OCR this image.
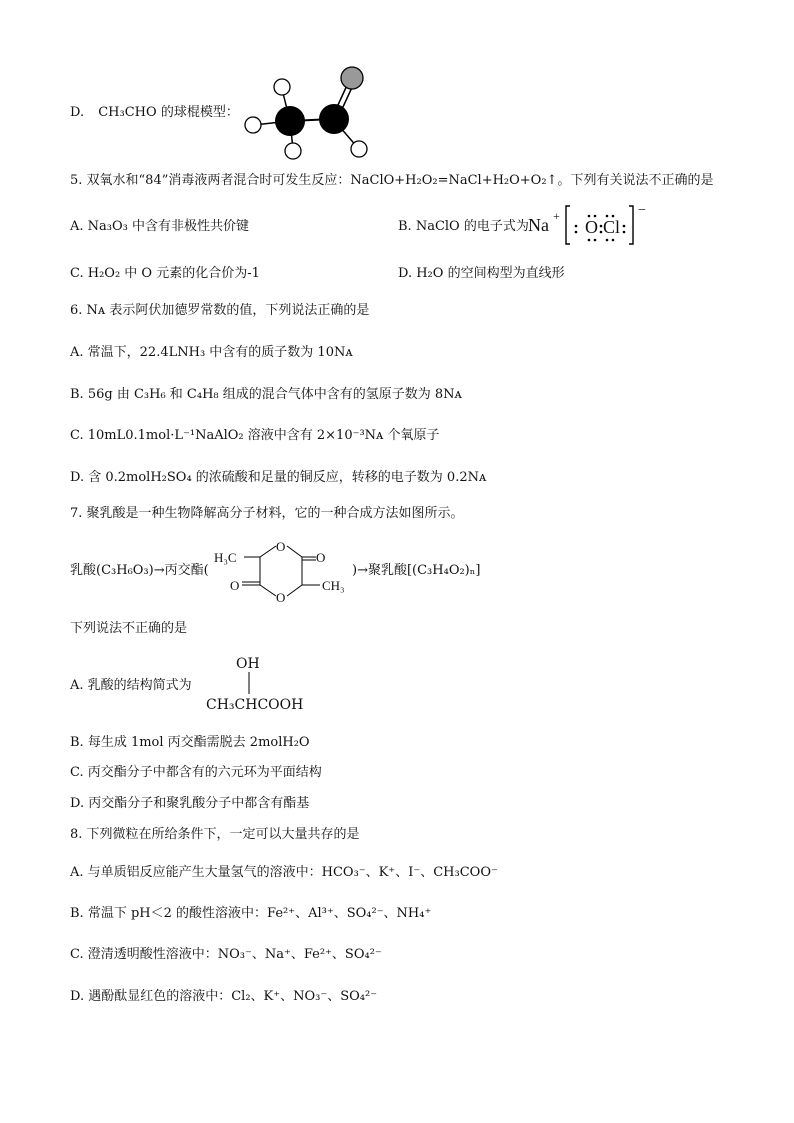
D. CH₃CHO 的球棍模型：
5. 双氧水和“84”消毒液两者混合时可发生反应：NaClO+H₂O₂=NaCl+H₂O+O₂↑。下列有关说法不正确的是
A. Na₃O₃ 中含有非极性共价键	B. NaClO 的电子式为 Na +
O Cl
−
C. H₂O₂ 中 O 元素的化合价为-1	D. H₂O 的空间构型为直线形
6. Nᴀ 表示阿伏加德罗常数的值，下列说法正确的是
A. 常温下，22.4LNH₃ 中含有的质子数为 10Nᴀ
B. 56g 由 C₃H₆ 和 C₄H₈ 组成的混合气体中含有的氢原子数为 8Nᴀ
C. 10mL0.1mol·L⁻¹NaAlO₂ 溶液中含有 2×10⁻³Nᴀ 个氧原子
D. 含 0.2molH₂SO₄ 的浓硫酸和足量的铜反应，转移的电子数为 0.2Nᴀ
7. 聚乳酸是一种生物降解高分子材料，它的一种合成方法如图所示。
乳酸(C₃H₆O₃)→丙交酯(
H₃C
CH₃
O
O
O
O
)→聚乳酸[(C₃H₄O₂)ₙ]
下列说法不正确的是
A. 乳酸的结构简式为
OH
CH₃CHCOOH
B. 每生成 1mol 丙交酯需脱去 2molH₂O
C. 丙交酯分子中都含有的六元环为平面结构
D. 丙交酯分子和聚乳酸分子中都含有酯基
8. 下列微粒在所给条件下，一定可以大量共存的是
A. 与单质铝反应能产生大量氢气的溶液中：HCO₃⁻、K⁺、I⁻、CH₃COO⁻
B. 常温下 pH＜2 的酸性溶液中：Fe²⁺、Al³⁺、SO₄²⁻、NH₄⁺
C. 澄清透明酸性溶液中：NO₃⁻、Na⁺、Fe²⁺、SO₄²⁻
D. 遇酚酞显红色的溶液中：Cl₂、K⁺、NO₃⁻、SO₄²⁻
